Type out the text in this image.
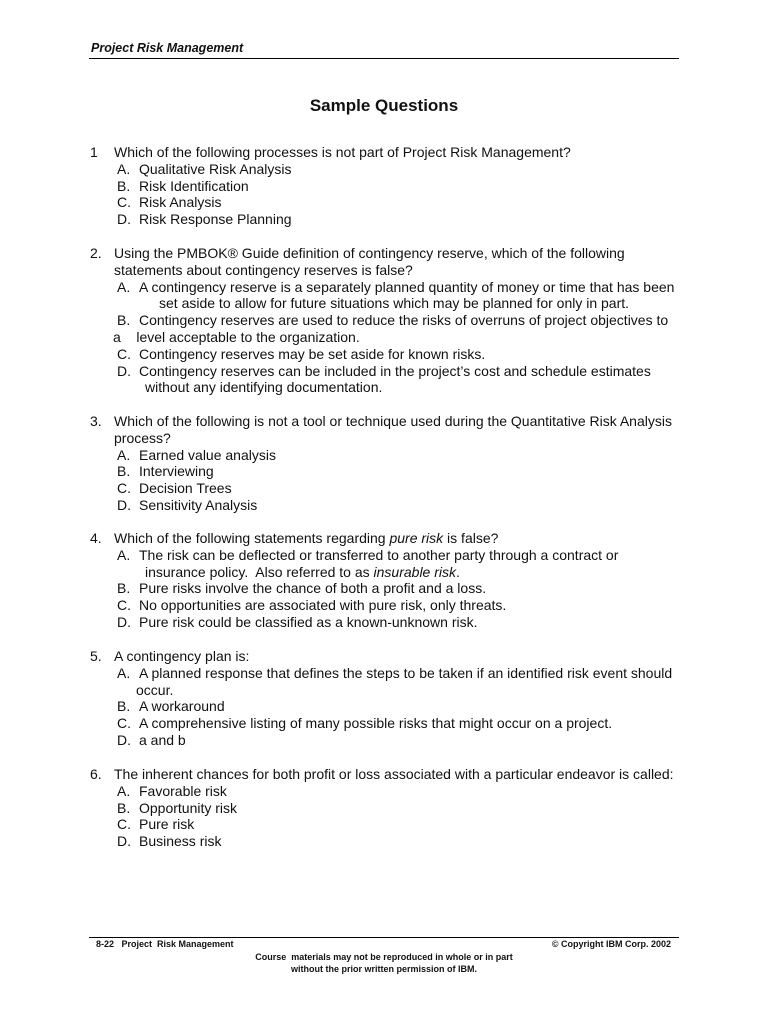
Project Risk Management
Sample Questions
1 Which of the following processes is not part of Project Risk Management?
A. Qualitative Risk Analysis
B. Risk Identification
C. Risk Analysis
D. Risk Response Planning
2. Using the PMBOK® Guide definition of contingency reserve, which of the following
statements about contingency reserves is false?
A. A contingency reserve is a separately planned quantity of money or time that has been
set aside to allow for future situations which may be planned for only in part.
B. Contingency reserves are used to reduce the risks of overruns of project objectives to
a    level acceptable to the organization.
C. Contingency reserves may be set aside for known risks.
D. Contingency reserves can be included in the project’s cost and schedule estimates
without any identifying documentation.
3. Which of the following is not a tool or technique used during the Quantitative Risk Analysis
process?
A. Earned value analysis
B. Interviewing
C. Decision Trees
D. Sensitivity Analysis
4. Which of the following statements regarding pure risk is false?
A. The risk can be deflected or transferred to another party through a contract or
insurance policy.  Also referred to as insurable risk.
B. Pure risks involve the chance of both a profit and a loss.
C. No opportunities are associated with pure risk, only threats.
D. Pure risk could be classified as a known-unknown risk.
5. A contingency plan is:
A. A planned response that defines the steps to be taken if an identified risk event should
occur.
B. A workaround
C. A comprehensive listing of many possible risks that might occur on a project.
D. a and b
6. The inherent chances for both profit or loss associated with a particular endeavor is called:
A. Favorable risk
B. Opportunity risk
C. Pure risk
D. Business risk
8-22   Project  Risk Management	© Copyright IBM Corp. 2002
Course  materials may not be reproduced in whole or in part
without the prior written permission of IBM.
